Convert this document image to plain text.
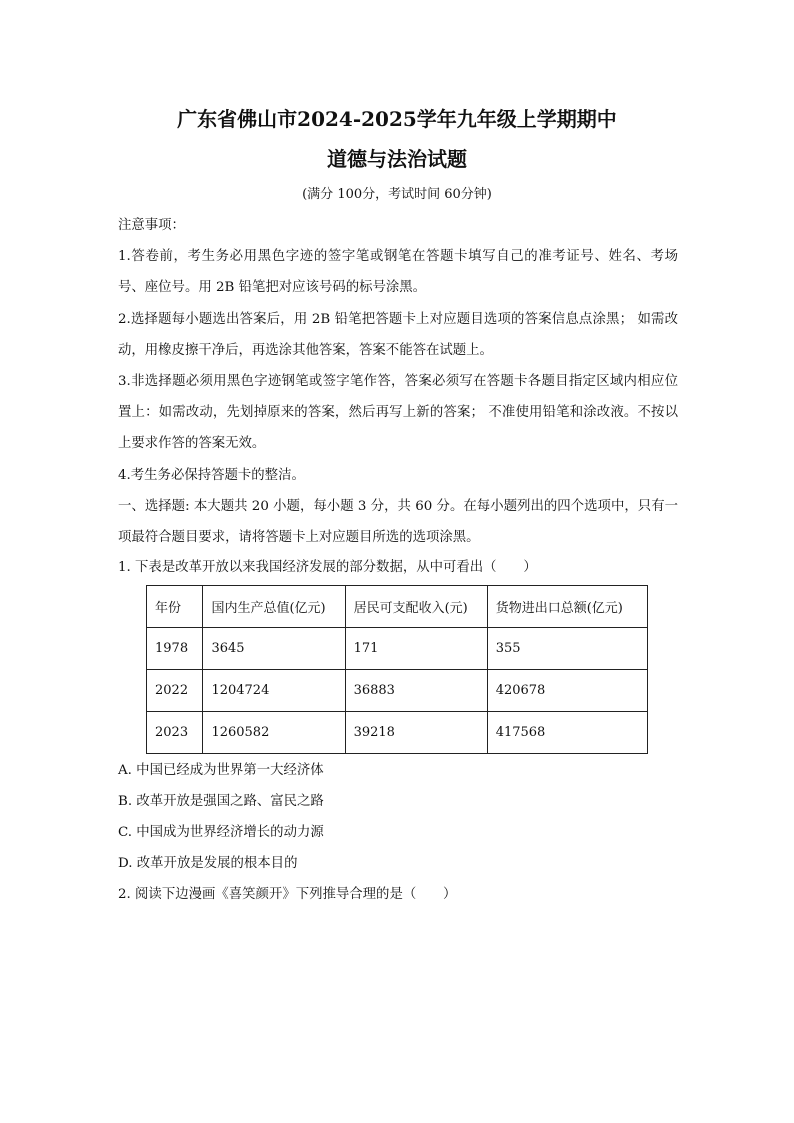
广东省佛山市2024-2025学年九年级上学期期中
道德与法治试题
(满分 100分，考试时间 60分钟)
注意事项：
1.答卷前，考生务必用黑色字迹的签字笔或钢笔在答题卡填写自己的准考证号、姓名、考场号、座位号。用 2B 铅笔把对应该号码的标号涂黑。
2.选择题每小题选出答案后，用 2B 铅笔把答题卡上对应题目选项的答案信息点涂黑； 如需改动，用橡皮擦干净后，再选涂其他答案，答案不能答在试题上。
3.非选择题必须用黑色字迹钢笔或签字笔作答，答案必须写在答题卡各题目指定区域内相应位置上：如需改动，先划掉原来的答案，然后再写上新的答案； 不准使用铅笔和涂改液。不按以上要求作答的答案无效。
4.考生务必保持答题卡的整洁。
一、选择题: 本大题共 20 小题，每小题 3 分，共 60 分。在每小题列出的四个选项中，只有一项最符合题目要求，请将答题卡上对应题目所选的选项涂黑。
1. 下表是改革开放以来我国经济发展的部分数据，从中可看出（　　）
年份	国内生产总值(亿元)	居民可支配收入(元)	货物进出口总额(亿元)
1978	3645	171	355
2022	1204724	36883	420678
2023	1260582	39218	417568
A. 中国已经成为世界第一大经济体
B. 改革开放是强国之路、富民之路
C. 中国成为世界经济增长的动力源
D. 改革开放是发展的根本目的
2. 阅读下边漫画《喜笑颜开》下列推导合理的是（　　）
